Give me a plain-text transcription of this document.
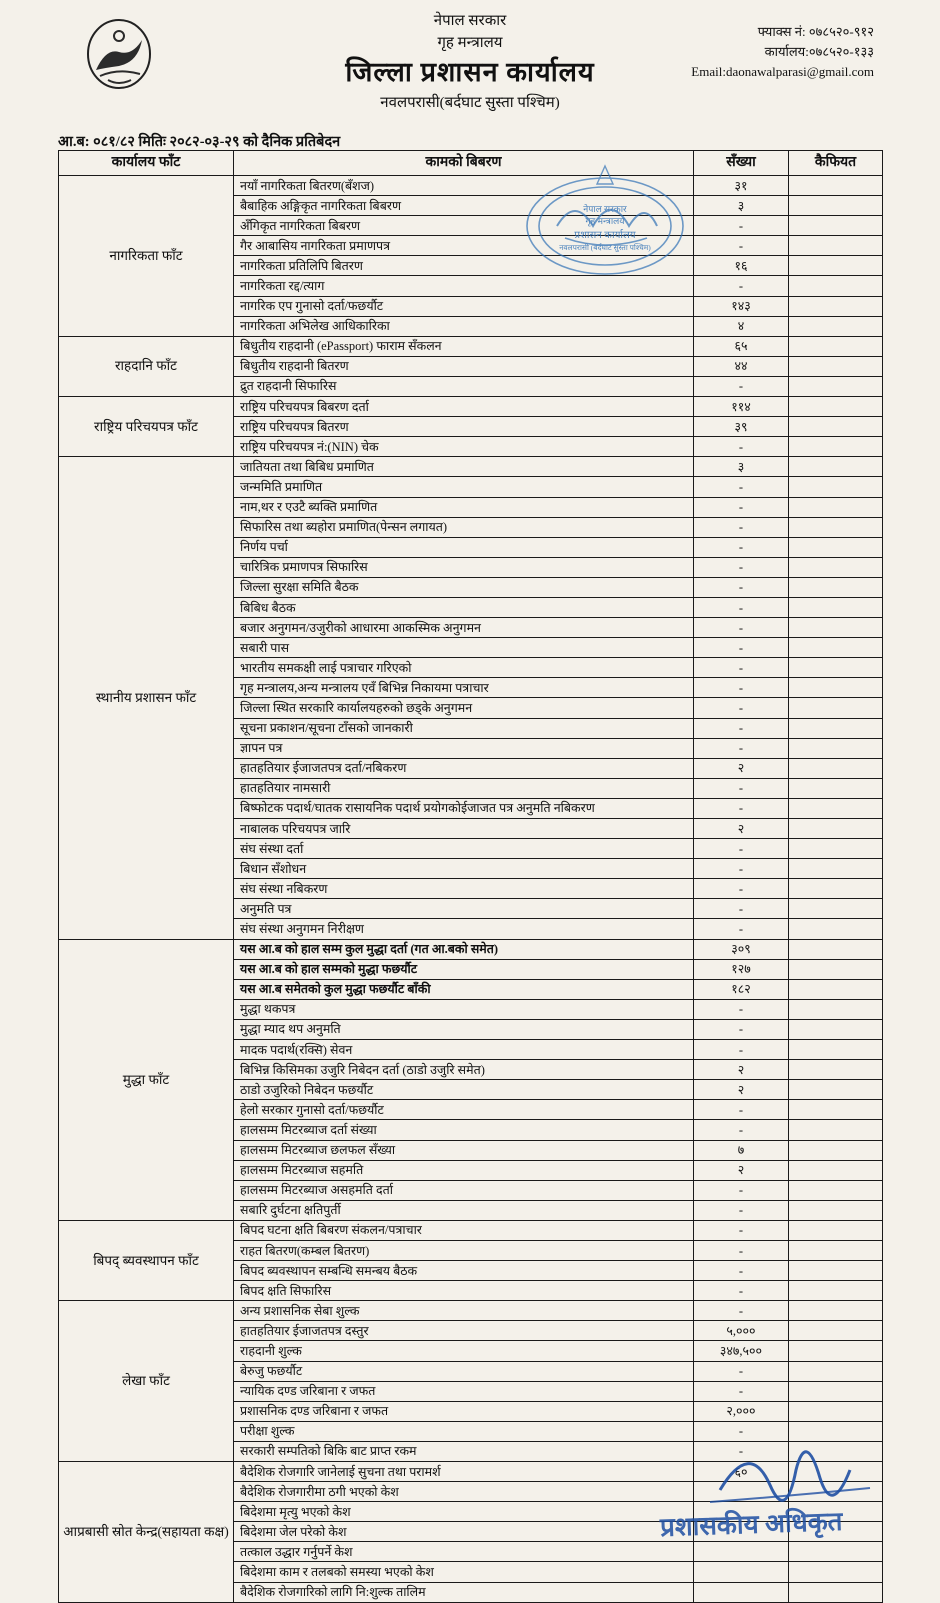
नेपाल सरकार
गृह मन्त्रालय
जिल्ला प्रशासन कार्यालय
नवलपरासी(बर्दघाट सुस्ता पश्चिम)
फ्याक्स नं: ०७८५२०-९१२
कार्यालय:०७८५२०-१३३
Email:daonawalparasi@gmail.com
आ.ब: ०८१/८२ मितिः २०८२-०३-२९ को दैनिक प्रतिबेदन
कार्यालय फाँट	कामको बिबरण	सँख्या	कैफियत
नागरिकता फाँट	नयाँ नागरिकता बितरण(बँशज)	३१	
	बैबाहिक अङ्गिकृत नागरिकता बिबरण	३	
	अँगिकृत नागरिकता बिबरण	-	
	गैर आबासिय नागरिकता प्रमाणपत्र	-	
	नागरिकता प्रतिलिपि बितरण	१६	
	नागरिकता रद्द/त्याग	-	
	नागरिक एप गुनासो दर्ता/फछर्यौट	१४३	
	नागरिकता अभिलेख आधिकारिका	४	
राहदानि फाँट	बिधुतीय राहदानी (ePassport) फाराम सँकलन	६५	
	बिधुतीय राहदानी बितरण	४४	
	द्रुत राहदानी सिफारिस	-	
राष्ट्रिय परिचयपत्र फाँट	राष्ट्रिय परिचयपत्र बिबरण दर्ता	११४	
	राष्ट्रिय परिचयपत्र बितरण	३९	
	राष्ट्रिय परिचयपत्र नं:(NIN) चेक	-	
स्थानीय प्रशासन फाँट	जातियता तथा बिबिध प्रमाणित	३	
	जन्ममिति प्रमाणित	-	
	नाम,थर र एउटै ब्यक्ति प्रमाणित	-	
	सिफारिस तथा ब्यहोरा प्रमाणित(पेन्सन लगायत)	-	
	निर्णय पर्चा	-	
	चारित्रिक प्रमाणपत्र सिफारिस	-	
	जिल्ला सुरक्षा समिति बैठक	-	
	बिबिध बैठक	-	
	बजार अनुगमन/उजुरीको आधारमा आकस्मिक अनुगमन	-	
	सबारी पास	-	
	भारतीय समकक्षी लाई पत्राचार गरिएको	-	
	गृह मन्त्रालय,अन्य मन्त्रालय एवँ बिभिन्न निकायमा पत्राचार	-	
	जिल्ला स्थित सरकारि कार्यालयहरुको छड्के अनुगमन	-	
	सूचना प्रकाशन/सूचना टाँसको जानकारी	-	
	ज्ञापन पत्र	-	
	हातहतियार ईजाजतपत्र दर्ता/नबिकरण	२	
	हातहतियार नामसारी	-	
	बिष्फोटक पदार्थ/घातक रासायनिक पदार्थ प्रयोगकोईजाजत पत्र अनुमति नबिकरण	-	
	नाबालक परिचयपत्र जारि	२	
	संघ संस्था दर्ता	-	
	बिधान सँशोधन	-	
	संघ संस्था नबिकरण	-	
	अनुमति पत्र	-	
	संघ संस्था अनुगमन निरीक्षण	-	
मुद्धा फाँट	यस आ.ब को हाल सम्म कुल मुद्धा दर्ता (गत आ.बको समेत)	३०९	
	यस आ.ब को हाल सम्मको मुद्धा फछर्यौट	१२७	
	यस आ.ब समेतको कुल मुद्धा फछर्यौट बाँकी	१८२	
	मुद्धा थकपत्र	-	
	मुद्धा म्याद थप अनुमति	-	
	मादक पदार्थ(रक्सि) सेवन	-	
	बिभिन्न किसिमका उजुरि निबेदन दर्ता (ठाडो उजुरि समेत)	२	
	ठाडो उजुरिको निबेदन फछर्यौट	२	
	हेलो सरकार गुनासो दर्ता/फछर्यौट	-	
	हालसम्म मिटरब्याज दर्ता संख्या	-	
	हालसम्म मिटरब्याज छलफल सँख्या	७	
	हालसम्म मिटरब्याज सहमति	२	
	हालसम्म मिटरब्याज असहमति दर्ता	-	
	सबारि दुर्घटना क्षतिपुर्ती	-	
बिपद् ब्यवस्थापन फाँट	बिपद घटना क्षति बिबरण संकलन/पत्राचार	-	
	राहत बितरण(कम्बल बितरण)	-	
	बिपद ब्यवस्थापन सम्बन्धि समन्बय बैठक	-	
	बिपद क्षति सिफारिस	-	
लेखा फाँट	अन्य प्रशासनिक सेबा शुल्क	-	
	हातहतियार ईजाजतपत्र दस्तुर	५,०००	
	राहदानी शुल्क	३४७,५००	
	बेरुजु फछर्यौट	-	
	न्यायिक दण्ड जरिबाना र जफत	-	
	प्रशासनिक दण्ड जरिबाना र जफत	२,०००	
	परीक्षा शुल्क	-	
	सरकारी सम्पतिको बिकि बाट प्राप्त रकम	-	
आप्रबासी स्रोत केन्द्र(सहायता कक्ष)	बैदेशिक रोजगारि जानेलाई सुचना तथा परामर्श	६०	
	बैदेशिक रोजगारीमा ठगी भएको केश		
	बिदेशमा मृत्यु भएको केश		
	बिदेशमा जेल परेको केश		
	तत्काल उद्धार गर्नुपर्ने केश		
	बिदेशमा काम र तलबको समस्या भएको केश		
	बैदेशिक रोजगारिको लागि नि:शुल्क तालिम		
नेपाल सरकार
गृह मन्त्रालय
प्रशासन कार्यालय
नवलपरासी (बर्दघाट सुस्ता पश्चिम)
प्रशासकीय अधिकृत
